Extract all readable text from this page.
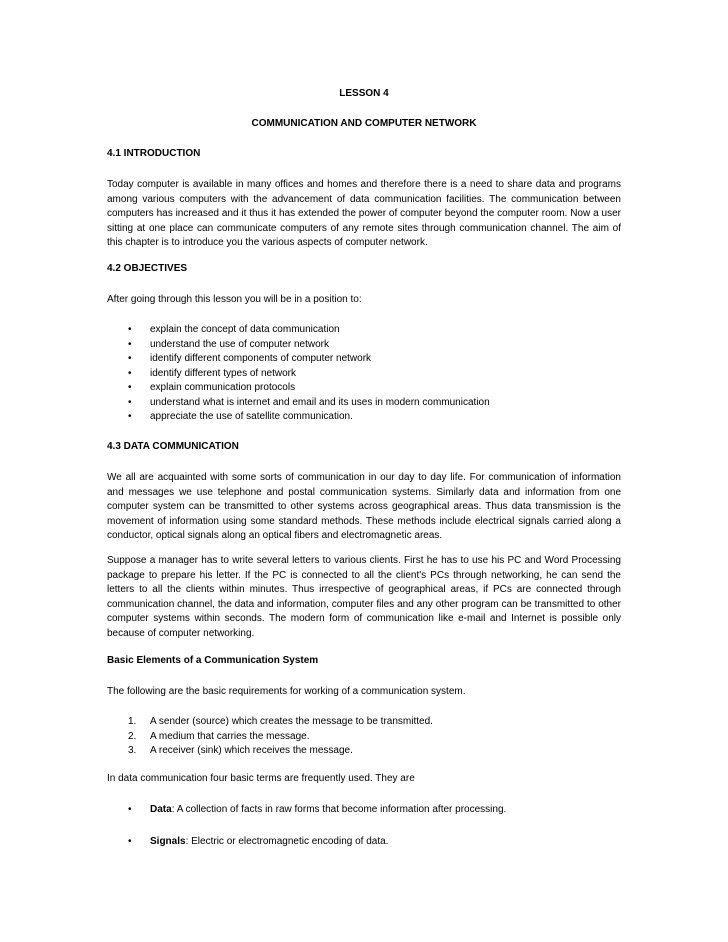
LESSON 4
COMMUNICATION AND COMPUTER NETWORK
4.1 INTRODUCTION
Today computer is available in many offices and homes and therefore there is a need to share data and programs among various computers with the advancement of data communication facilities. The communication between computers has increased and it thus it has extended the power of computer beyond the computer room. Now a user sitting at one place can communicate computers of any remote sites through communication channel. The aim of this chapter is to introduce you the various aspects of computer network.
4.2 OBJECTIVES
After going through this lesson you will be in a position to:
• explain the concept of data communication
• understand the use of computer network
• identify different components of computer network
• identify different types of network
• explain communication protocols
• understand what is internet and email and its uses in modern communication
• appreciate the use of satellite communication.
4.3 DATA COMMUNICATION
We all are acquainted with some sorts of communication in our day to day life. For communication of information and messages we use telephone and postal communication systems. Similarly data and information from one computer system can be transmitted to other systems across geographical areas. Thus data transmission is the movement of information using some standard methods. These methods include electrical signals carried along a conductor, optical signals along an optical fibers and electromagnetic areas.
Suppose a manager has to write several letters to various clients. First he has to use his PC and Word Processing package to prepare his letter. If the PC is connected to all the client's PCs through networking, he can send the letters to all the clients within minutes. Thus irrespective of geographical areas, if PCs are connected through communication channel, the data and information, computer files and any other program can be transmitted to other computer systems within seconds. The modern form of communication like e-mail and Internet is possible only because of computer networking.
Basic Elements of a Communication System
The following are the basic requirements for working of a communication system.
1. A sender (source) which creates the message to be transmitted.
2. A medium that carries the message.
3. A receiver (sink) which receives the message.
In data communication four basic terms are frequently used. They are
• Data: A collection of facts in raw forms that become information after processing.
• Signals: Electric or electromagnetic encoding of data.
